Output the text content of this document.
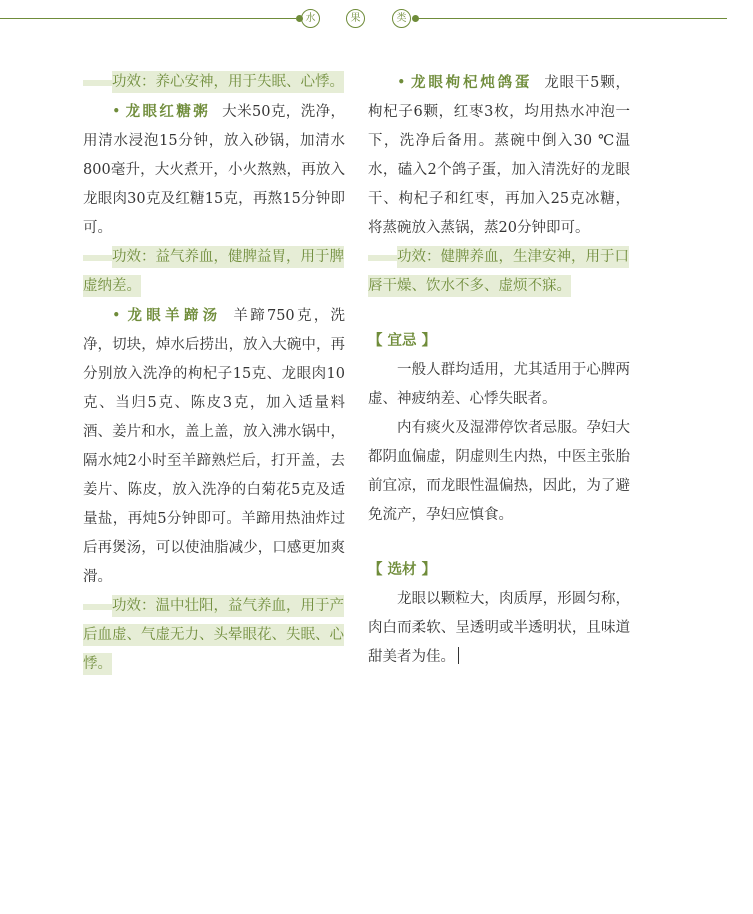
水	果	类

功效：养心安神，用于失眠、心悸。

• 龙眼红糖粥 大米50克，洗净，用清水浸泡15分钟，放入砂锅，加清水800毫升，大火煮开，小火熬熟，再放入龙眼肉30克及红糖15克，再熬15分钟即可。

功效：益气养血，健脾益胃，用于脾虚纳差。

• 龙眼羊蹄汤 羊蹄750克，洗净，切块，焯水后捞出，放入大碗中，再分别放入洗净的枸杞子15克、龙眼肉10克、当归5克、陈皮3克，加入适量料酒、姜片和水，盖上盖，放入沸水锅中，隔水炖2小时至羊蹄熟烂后，打开盖，去姜片、陈皮，放入洗净的白菊花5克及适量盐，再炖5分钟即可。羊蹄用热油炸过后再煲汤，可以使油脂减少，口感更加爽滑。

功效：温中壮阳，益气养血，用于产后血虚、气虚无力、头晕眼花、失眠、心悸。

• 龙眼枸杞炖鸽蛋 龙眼干5颗，枸杞子6颗，红枣3枚，均用热水冲泡一下，洗净后备用。蒸碗中倒入30 ℃温水，磕入2个鸽子蛋，加入清洗好的龙眼干、枸杞子和红枣，再加入25克冰糖，将蒸碗放入蒸锅，蒸20分钟即可。

功效：健脾养血，生津安神，用于口唇干燥、饮水不多、虚烦不寐。

【 宜忌 】

一般人群均适用，尤其适用于心脾两虚、神疲纳差、心悸失眠者。

内有痰火及湿滞停饮者忌服。孕妇大都阴血偏虚，阴虚则生内热，中医主张胎前宜凉，而龙眼性温偏热，因此，为了避免流产，孕妇应慎食。

【 选材 】

龙眼以颗粒大，肉质厚，形圆匀称，肉白而柔软、呈透明或半透明状，且味道甜美者为佳。
